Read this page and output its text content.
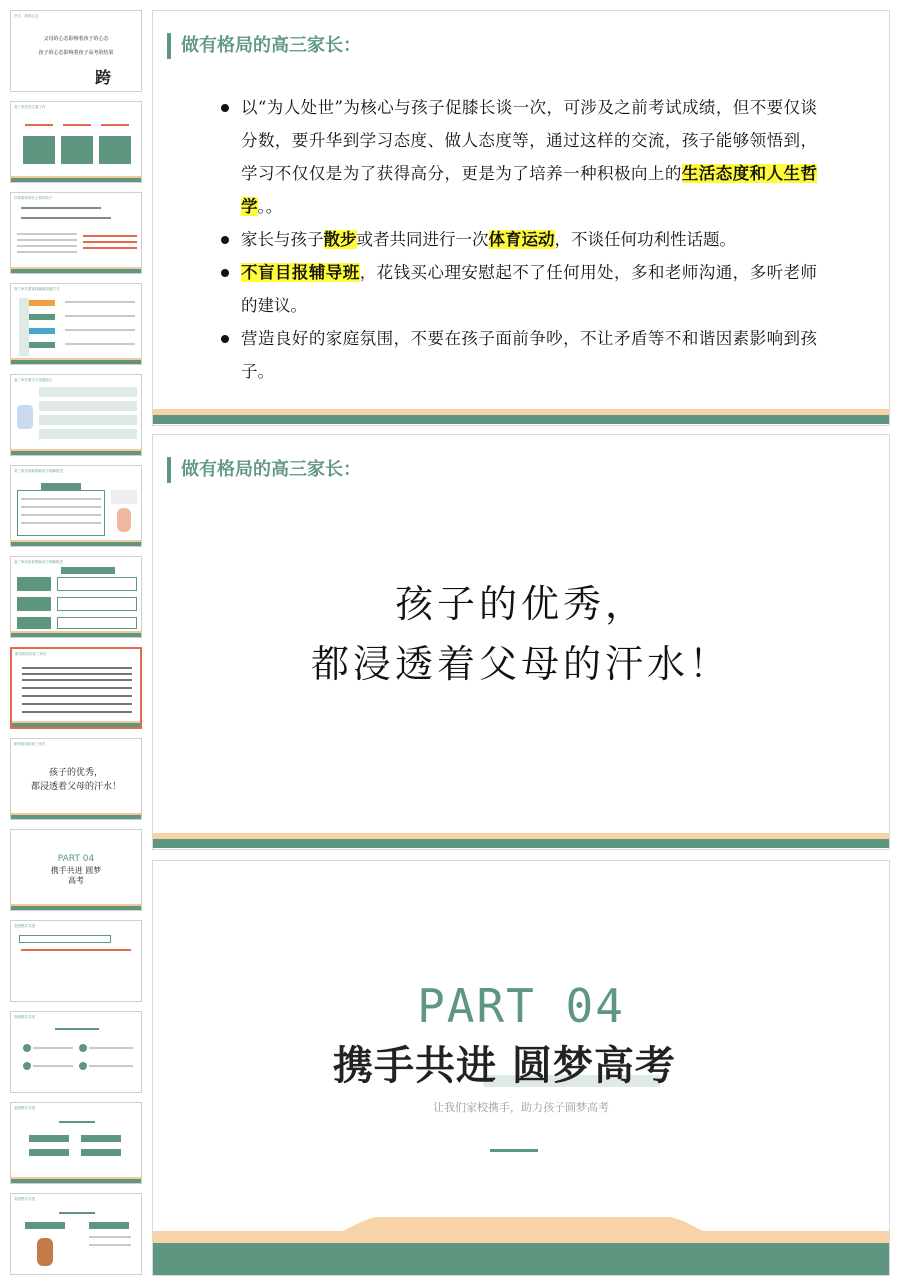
序言，我的心态
父母的心态影响着孩子的心态
孩子的心态影响着孩子高考的结果
跨
高三家长的主要工作
你希望培养什么样的孩子
高三家长要选择最能沟通方式
高三家长要学习沟通技巧
高三家长如何帮助孩子缓解焦虑
高三家长如何帮助孩子缓解焦虑
做有格局的高三家长
做有格局的高三家长
孩子的优秀，
都浸透着父母的汗水！
PART 04
携手共进 圆梦高考
高校携手共进
高校携手共进
高校携手共进
高校携手共进
做有格局的高三家长：
以“为人处世”为核心与孩子促膝长谈一次，可涉及之前考试成绩，但不要仅谈分数，要升华到学习态度、做人态度等，通过这样的交流，孩子能够领悟到，学习不仅仅是为了获得高分，更是为了培养一种积极向上的生活态度和人生哲学。。
家长与孩子散步或者共同进行一次体育运动，不谈任何功利性话题。
不盲目报辅导班，花钱买心理安慰起不了任何用处，多和老师沟通，多听老师的建议。
营造良好的家庭氛围，不要在孩子面前争吵，不让矛盾等不和谐因素影响到孩子。
做有格局的高三家长：
孩子的优秀，
都浸透着父母的汗水！
PART 04
携手共进 圆梦高考
让我们家校携手，助力孩子圆梦高考
